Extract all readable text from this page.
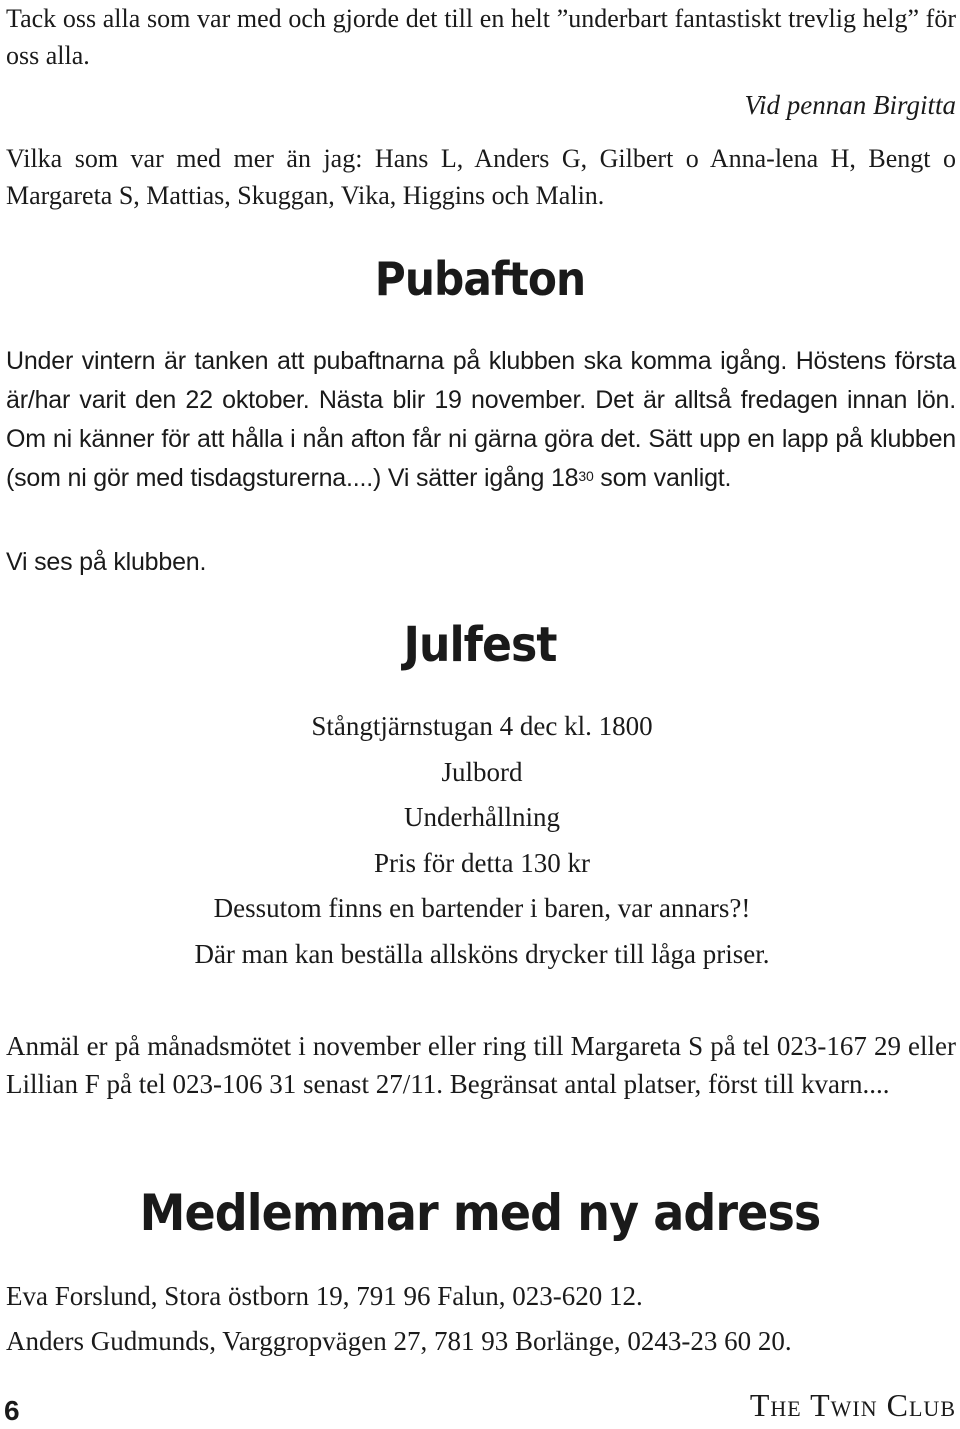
Tack oss alla som var med och gjorde det till en helt ”underbart fantastiskt trevlig helg” för oss alla.

Vid pennan Birgitta

Vilka som var med mer än jag: Hans L, Anders G, Gilbert o Anna-lena H, Bengt o Margareta S, Mattias, Skuggan, Vika, Higgins och Malin.

Pubafton

Under vintern är tanken att pubaftnarna på klubben ska komma igång. Höstens första är/har varit den 22 oktober. Nästa blir 19 november. Det är alltså fredagen innan lön. Om ni känner för att hålla i nån afton får ni gärna göra det. Sätt upp en lapp på klubben (som ni gör med tisdagsturerna....) Vi sätter igång $18^{30}$ som vanligt.

Vi ses på klubben.

Julfest
Stångtjärnstugan 4 dec kl. 1800
Julbord
Underhållning
Pris för detta 130 kr
Dessutom finns en bartender i baren, var annars?!
Där man kan beställa allsköns drycker till låga priser.

Anmäl er på månadsmötet i november eller ring till Margareta S på tel 023-167 29 eller Lillian F på tel 023-106 31 senast 27/11. Begränsat antal platser, först till kvarn....

Medlemmar med ny adress

Eva Forslund, Stora östborn 19, 791 96 Falun, 023-620 12.

Anders Gudmunds, Varggropvägen 27, 781 93 Borlänge, 0243-23 60 20.

6	The Twin Club
